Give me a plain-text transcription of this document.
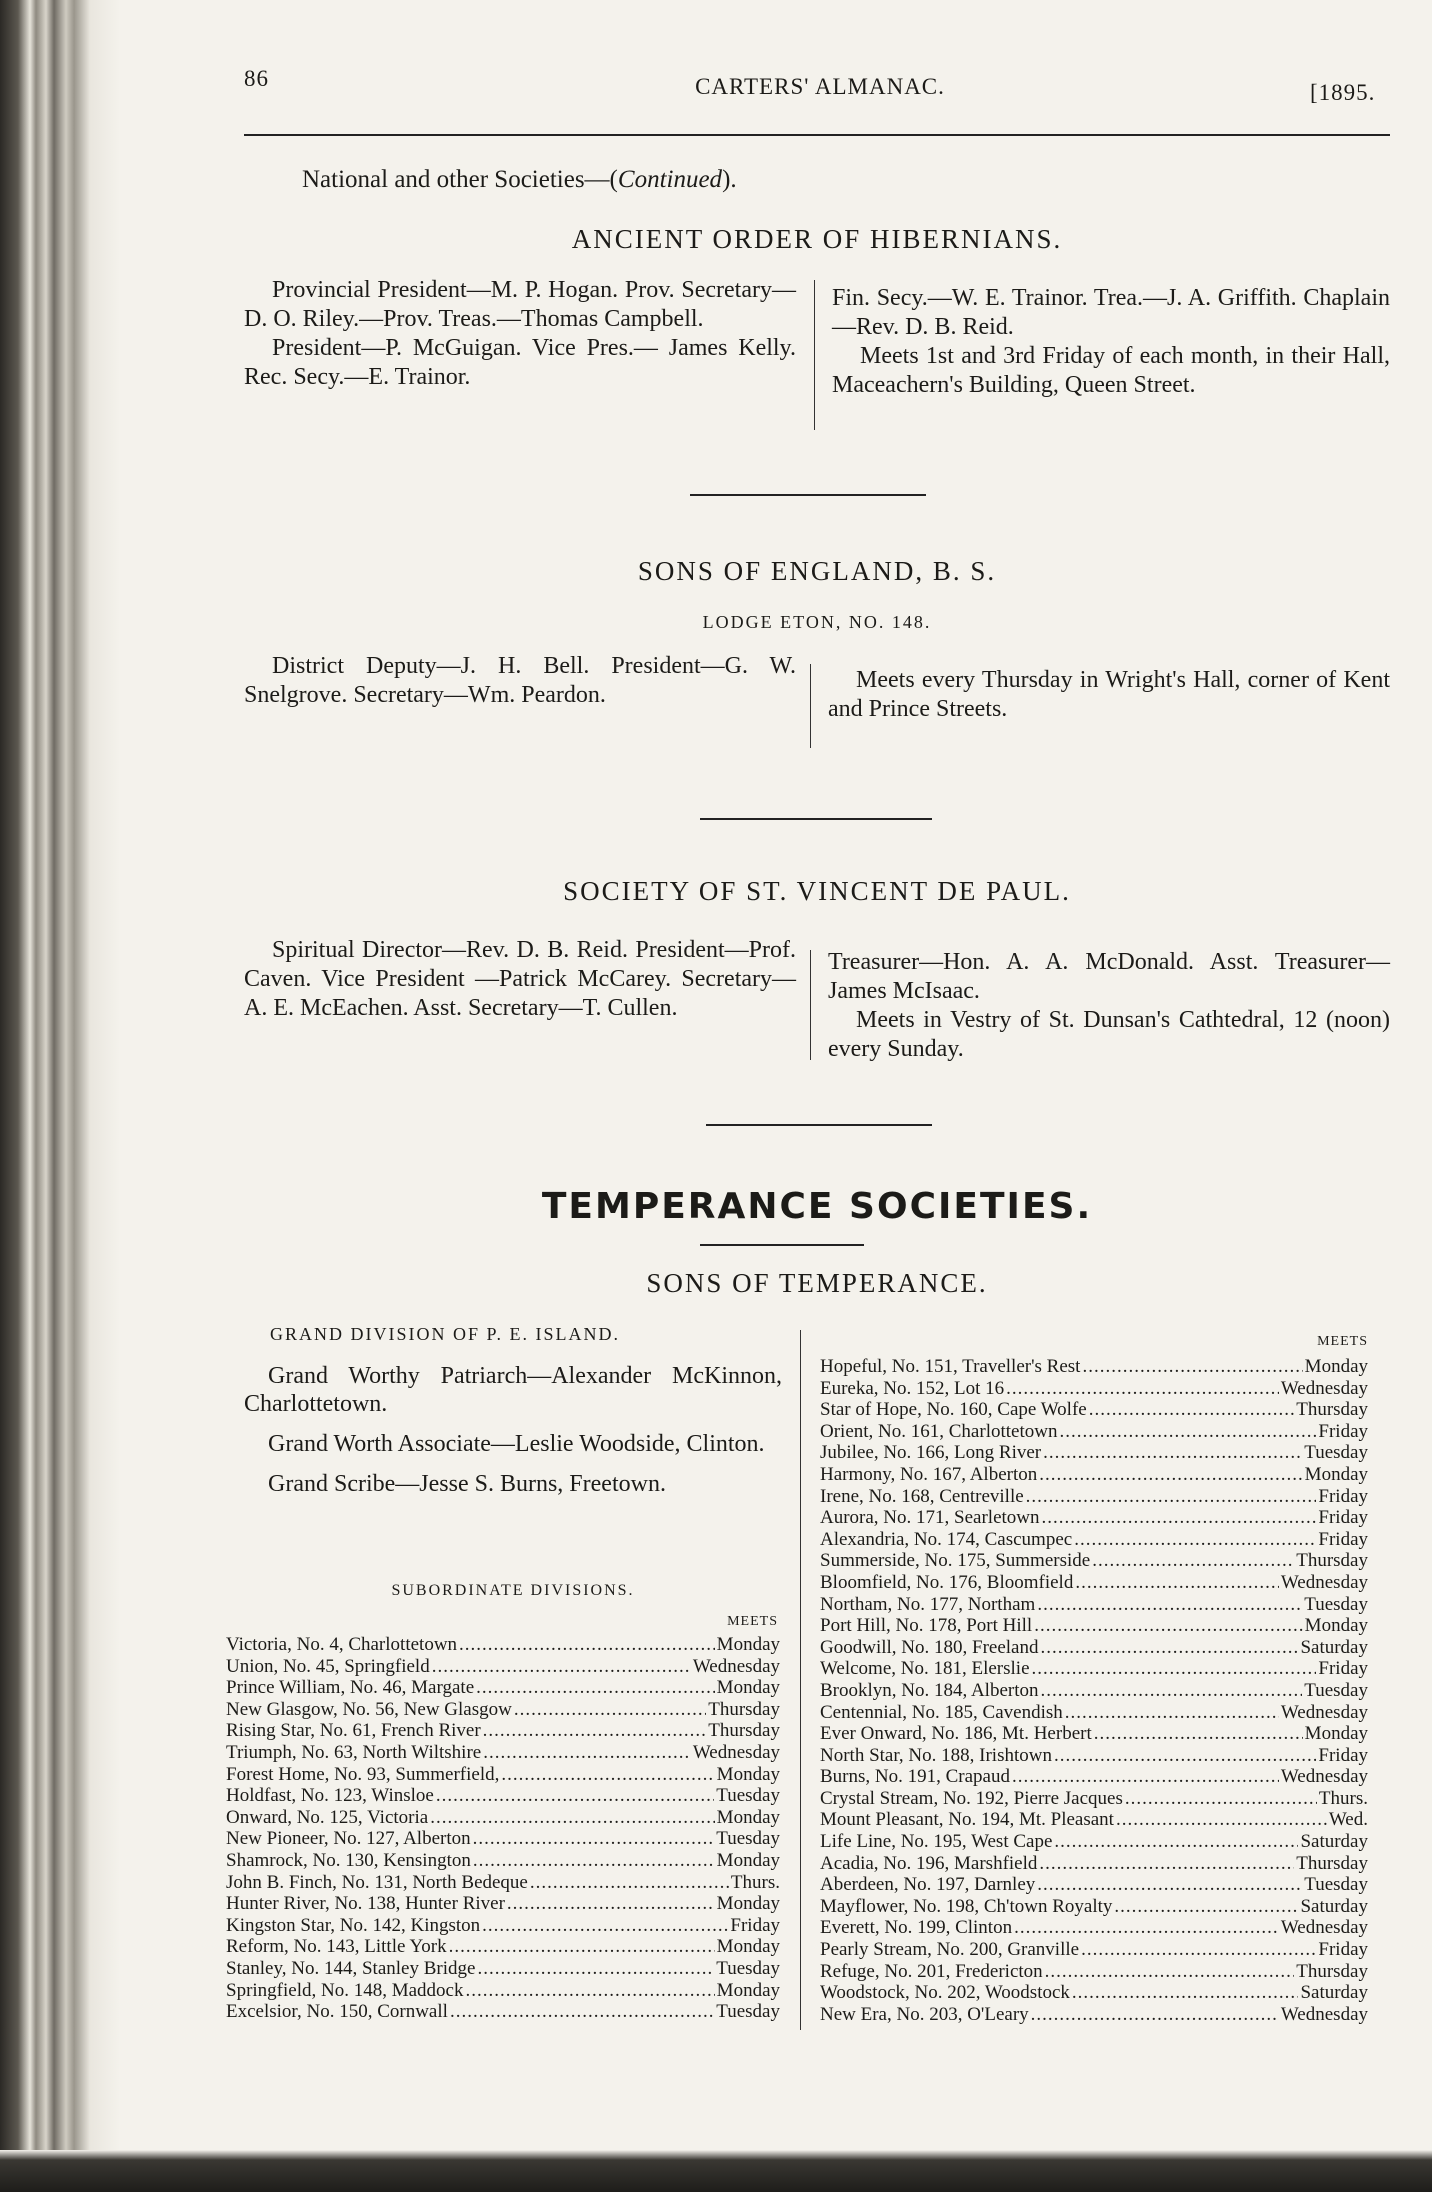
86	CARTERS' ALMANAC.	[1895.
National and other Societies—(Continued).
ANCIENT ORDER OF HIBERNIANS.

Provincial President—M. P. Hogan. Prov. Secretary—D. O. Riley.—Prov. Treas.—Thomas Campbell.

President—P. McGuigan. Vice Pres.— James Kelly. Rec. Secy.—E. Trainor.

Fin. Secy.—W. E. Trainor. Trea.—J. A. Griffith. Chaplain—Rev. D. B. Reid.

Meets 1st and 3rd Friday of each month, in their Hall, Maceachern's Building, Queen Street.

SONS OF ENGLAND, B. S.
LODGE ETON, NO. 148.

District Deputy—J. H. Bell. President—G. W. Snelgrove. Secretary—Wm. Peardon.

Meets every Thursday in Wright's Hall, corner of Kent and Prince Streets.

SOCIETY OF ST. VINCENT DE PAUL.

Spiritual Director—Rev. D. B. Reid. President—Prof. Caven. Vice President —Patrick McCarey. Secretary—A. E. McEachen. Asst. Secretary—T. Cullen.

Treasurer—Hon. A. A. McDonald. Asst. Treasurer—James McIsaac.

Meets in Vestry of St. Dunsan's Cathtedral, 12 (noon) every Sunday.

TEMPERANCE SOCIETIES.
SONS OF TEMPERANCE.
GRAND DIVISION OF P. E. ISLAND.

Grand Worthy Patriarch—Alexander McKinnon, Charlottetown.

Grand Worth Associate—Leslie Woodside, Clinton.

Grand Scribe—Jesse S. Burns, Freetown.

SUBORDINATE DIVISIONS.
MEETS
Victoria, No. 4, Charlottetown .....	Monday
Union, No. 45, Springfield .....	Wednesday
Prince William, No. 46, Margate .....	Monday
New Glasgow, No. 56, New Glasgow .....	Thursday
Rising Star, No. 61, French River .....	Thursday
Triumph, No. 63, North Wiltshire .....	Wednesday
Forest Home, No. 93, Summerfield, .....	Monday
Holdfast, No. 123, Winsloe .....	Tuesday
Onward, No. 125, Victoria .....	Monday
New Pioneer, No. 127, Alberton .....	Tuesday
Shamrock, No. 130, Kensington .....	Monday
John B. Finch, No. 131, North Bedeque .....	Thurs.
Hunter River, No. 138, Hunter River .....	Monday
Kingston Star, No. 142, Kingston .....	Friday
Reform, No. 143, Little York .....	Monday
Stanley, No. 144, Stanley Bridge .....	Tuesday
Springfield, No. 148, Maddock .....	Monday
Excelsior, No. 150, Cornwall .....	Tuesday
MEETS
Hopeful, No. 151, Traveller's Rest .....	Monday
Eureka, No. 152, Lot 16 .....	Wednesday
Star of Hope, No. 160, Cape Wolfe .....	Thursday
Orient, No. 161, Charlottetown .....	Friday
Jubilee, No. 166, Long River .....	Tuesday
Harmony, No. 167, Alberton .....	Monday
Irene, No. 168, Centreville .....	Friday
Aurora, No. 171, Searletown .....	Friday
Alexandria, No. 174, Cascumpec .....	Friday
Summerside, No. 175, Summerside .....	Thursday
Bloomfield, No. 176, Bloomfield .....	Wednesday
Northam, No. 177, Northam .....	Tuesday
Port Hill, No. 178, Port Hill .....	Monday
Goodwill, No. 180, Freeland .....	Saturday
Welcome, No. 181, Elerslie .....	Friday
Brooklyn, No. 184, Alberton .....	Tuesday
Centennial, No. 185, Cavendish .....	Wednesday
Ever Onward, No. 186, Mt. Herbert .....	Monday
North Star, No. 188, Irishtown .....	Friday
Burns, No. 191, Crapaud .....	Wednesday
Crystal Stream, No. 192, Pierre Jacques .....	Thurs.
Mount Pleasant, No. 194, Mt. Pleasant .....	Wed.
Life Line, No. 195, West Cape .....	Saturday
Acadia, No. 196, Marshfield .....	Thursday
Aberdeen, No. 197, Darnley .....	Tuesday
Mayflower, No. 198, Ch'town Royalty .....	Saturday
Everett, No. 199, Clinton .....	Wednesday
Pearly Stream, No. 200, Granville .....	Friday
Refuge, No. 201, Fredericton .....	Thursday
Woodstock, No. 202, Woodstock .....	Saturday
New Era, No. 203, O'Leary .....	Wednesday
